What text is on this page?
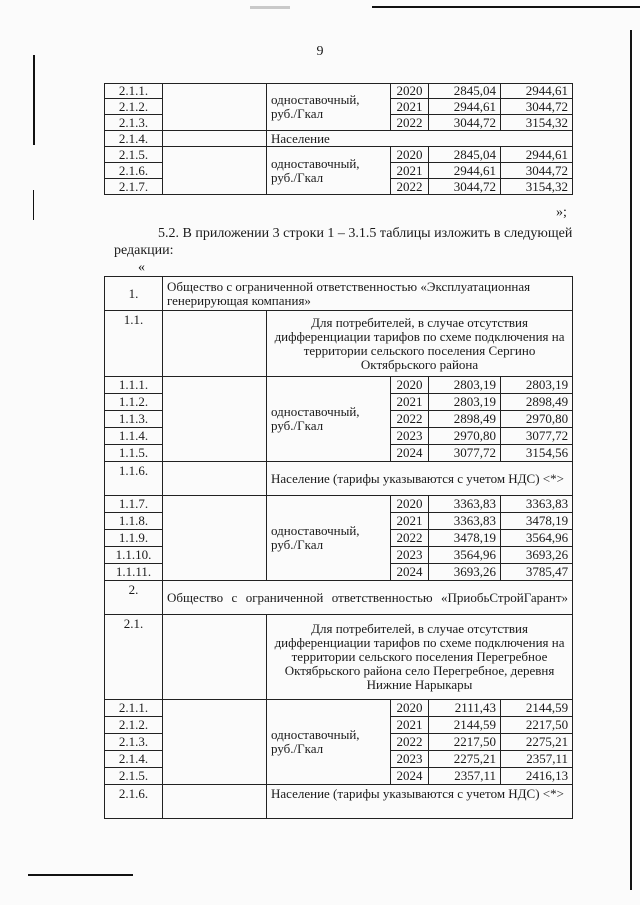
9
2.1.1.		одноставочный, руб./Гкал	2020	2845,04	2944,61
2.1.2.			2021	2944,61	3044,72
2.1.3.			2022	3044,72	3154,32
2.1.4.		Население			
2.1.5.		одноставочный, руб./Гкал	2020	2845,04	2944,61
2.1.6.			2021	2944,61	3044,72
2.1.7.			2022	3044,72	3154,32
»;
5.2. В приложении 3 строки 1 – 3.1.5 таблицы изложить в следующей
редакции:
«
1.	Общество с ограниченной ответственностью «Эксплуатационная генерирующая компания»				
1.1.		Для потребителей, в случае отсутствия дифференциации тарифов по схеме подключения на территории сельского поселения Сергино Октябрьского района			
1.1.1.		одноставочный, руб./Гкал	2020	2803,19	2803,19
1.1.2.			2021	2803,19	2898,49
1.1.3.			2022	2898,49	2970,80
1.1.4.			2023	2970,80	3077,72
1.1.5.			2024	3077,72	3154,56
1.1.6.		Население (тарифы указываются с учетом НДС) <*>			
1.1.7.		одноставочный, руб./Гкал	2020	3363,83	3363,83
1.1.8.			2021	3363,83	3478,19
1.1.9.			2022	3478,19	3564,96
1.1.10.			2023	3564,96	3693,26
1.1.11.			2024	3693,26	3785,47
2.	Общество с ограниченной ответственностью «ПриобьСтройГарант»				
2.1.		Для потребителей, в случае отсутствия дифференциации тарифов по схеме подключения на территории сельского поселения Перегребное Октябрьского района село Перегребное, деревня Нижние Нарыкары			
2.1.1.		одноставочный, руб./Гкал	2020	2111,43	2144,59
2.1.2.			2021	2144,59	2217,50
2.1.3.			2022	2217,50	2275,21
2.1.4.			2023	2275,21	2357,11
2.1.5.			2024	2357,11	2416,13
2.1.6.		Население (тарифы указываются с учетом НДС) <*>			
